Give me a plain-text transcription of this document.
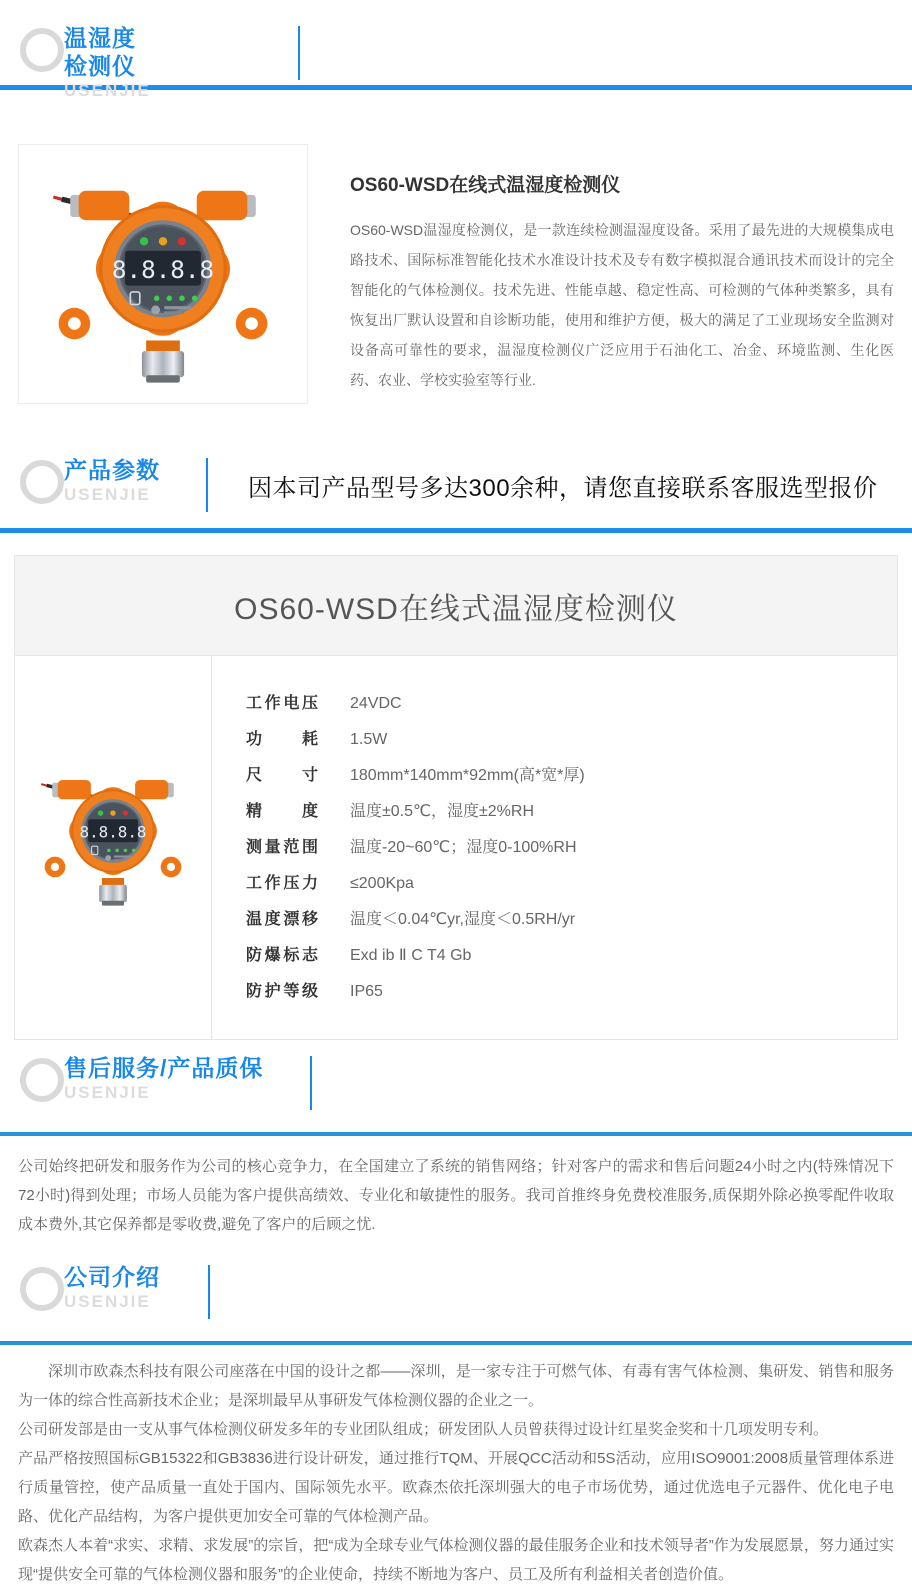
温湿度检测仪
USENJIE
8.8.8.8
OS60-WSD在线式温湿度检测仪
OS60-WSD温湿度检测仪，是一款连续检测温湿度设备。采用了最先进的大规模集成电路技术、国际标准智能化技术水准设计技术及专有数字模拟混合通讯技术而设计的完全智能化的气体检测仪。技术先进、性能卓越、稳定性高、可检测的气体种类繁多，具有恢复出厂默认设置和自诊断功能，使用和维护方便，极大的满足了工业现场安全监测对设备高可靠性的要求，温湿度检测仪广泛应用于石油化工、冶金、环境监测、生化医药、农业、学校实验室等行业.
产品参数
USENJIE	因本司产品型号多达300余种，请您直接联系客服选型报价
OS60-WSD在线式温湿度检测仪
8.8.8.8
工作电压 24VDC
功耗 1.5W
尺寸 180mm*140mm*92mm(高*宽*厚)
精度 温度±0.5℃，湿度±2%RH
测量范围 温度-20~60℃；湿度0-100%RH
工作压力 ≤200Kpa
温度漂移 温度＜0.04℃yr,湿度＜0.5RH/yr
防爆标志 Exd ib Ⅱ C T4 Gb
防护等级 IP65
售后服务/产品质保
USENJIE
公司始终把研发和服务作为公司的核心竞争力，在全国建立了系统的销售网络；针对客户的需求和售后问题24小时之内(特殊情况下72小时)得到处理；市场人员能为客户提供高绩效、专业化和敏捷性的服务。我司首推终身免费校准服务,质保期外除必换零配件收取成本费外,其它保养都是零收费,避免了客户的后顾之忧.
公司介绍
USENJIE

深圳市欧森杰科技有限公司座落在中国的设计之都——深圳，是一家专注于可燃气体、有毒有害气体检测、集研发、销售和服务为一体的综合性高新技术企业；是深圳最早从事研发气体检测仪器的企业之一。

公司研发部是由一支从事气体检测仪研发多年的专业团队组成；研发团队人员曾获得过设计红星奖金奖和十几项发明专利。

产品严格按照国标GB15322和GB3836进行设计研发，通过推行TQM、开展QCC活动和5S活动，应用ISO9001:2008质量管理体系进行质量管控，使产品质量一直处于国内、国际领先水平。欧森杰依托深圳强大的电子市场优势，通过优选电子元器件、优化电子电路、优化产品结构，为客户提供更加安全可靠的气体检测产品。

欧森杰人本着“求实、求精、求发展”的宗旨，把“成为全球专业气体检测仪器的最佳服务企业和技术领导者”作为发展愿景，努力通过实现“提供安全可靠的气体检测仪器和服务”的企业使命，持续不断地为客户、员工及所有利益相关者创造价值。
